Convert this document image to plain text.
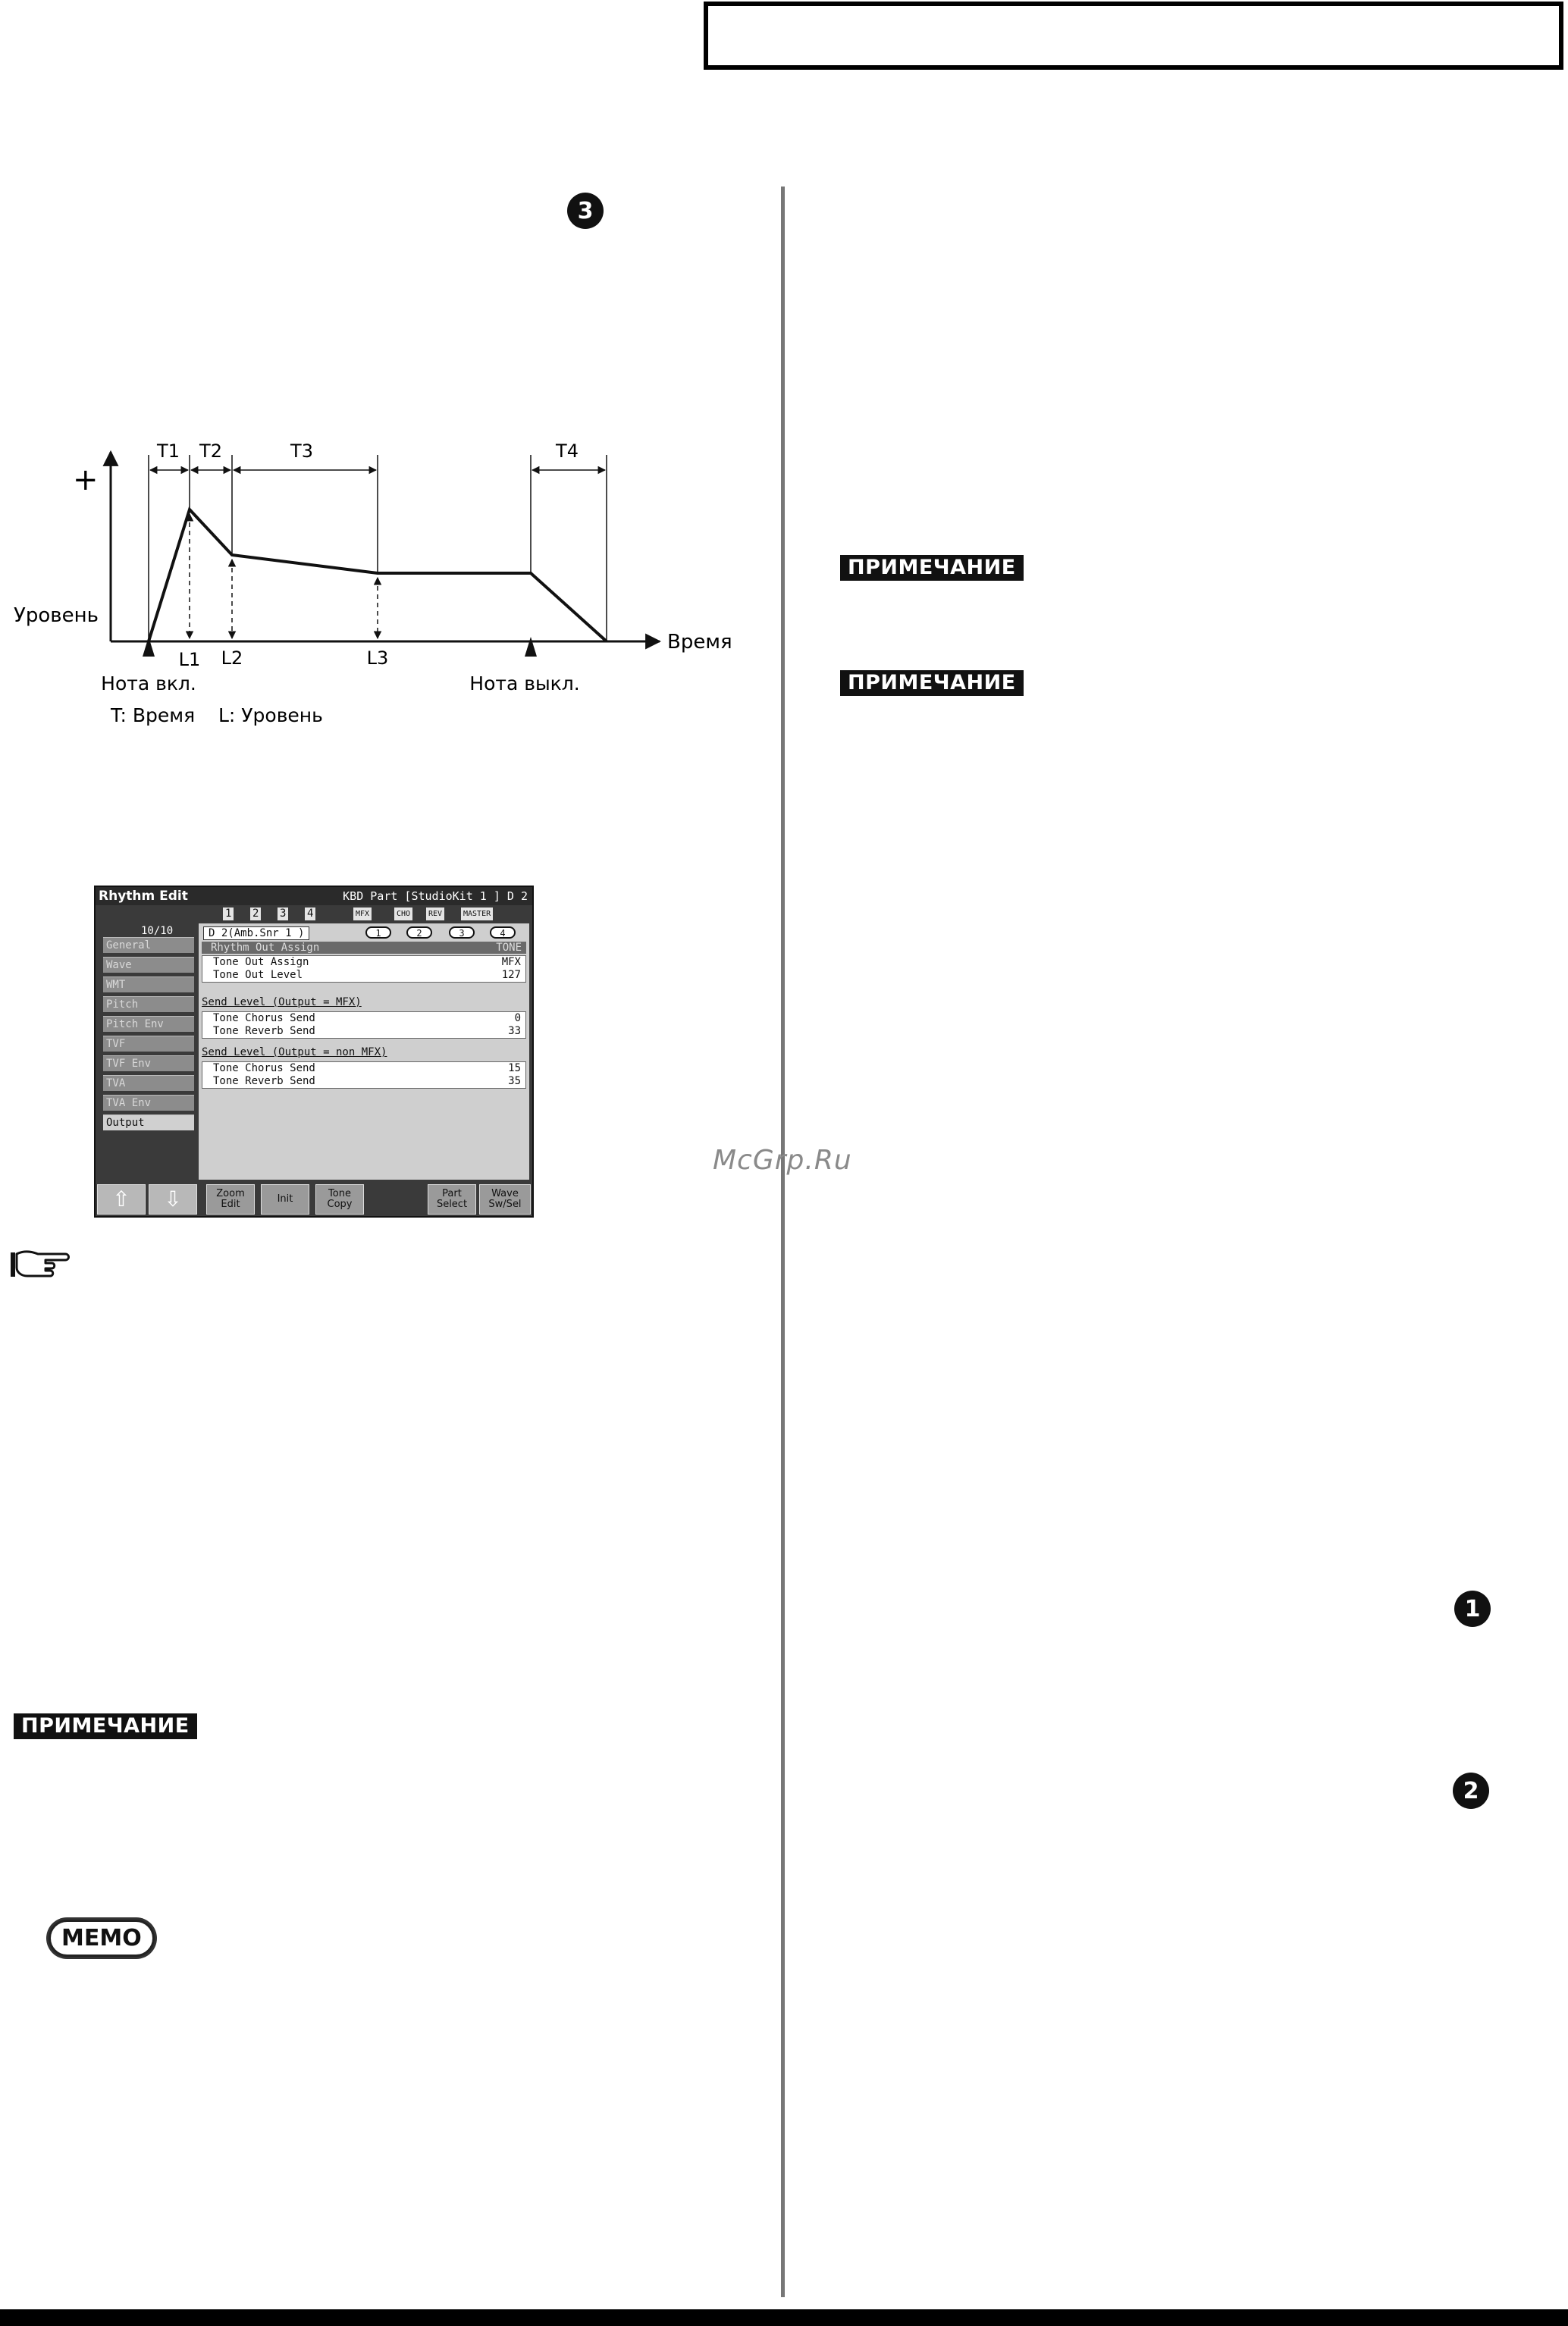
3
1
2
+
Уровень
Время
T1 T2	T3	T4
L1 L2	L3
Нота вкл.	Нота выкл.
T: Время L: Уровень
Rhythm Edit	KBD Part [StudioKit 1 ] D 2
1 2 3 4	MFX	CHO	REV	MASTER
10/10
General
Wave
WMT
Pitch
Pitch Env
TVF
TVF Env
TVA
TVA Env
Output
D 2(Amb.Snr 1 )	1	2	3	4
Rhythm Out Assign	TONE
Tone Out Assign	MFX
Tone Out Level	127
Send Level (Output = MFX)
Tone Chorus Send	0
Tone Reverb Send	33
Send Level (Output = non MFX)
Tone Chorus Send	15
Tone Reverb Send	35
⇧ ⇩	Zoom
Edit	Init	Tone
Copy
Part
Select
Wave
Sw/Sel
ПРИМЕЧАНИЕ
ПРИМЕЧАНИЕ
ПРИМЕЧАНИЕ
MEMO
McGrp.Ru
